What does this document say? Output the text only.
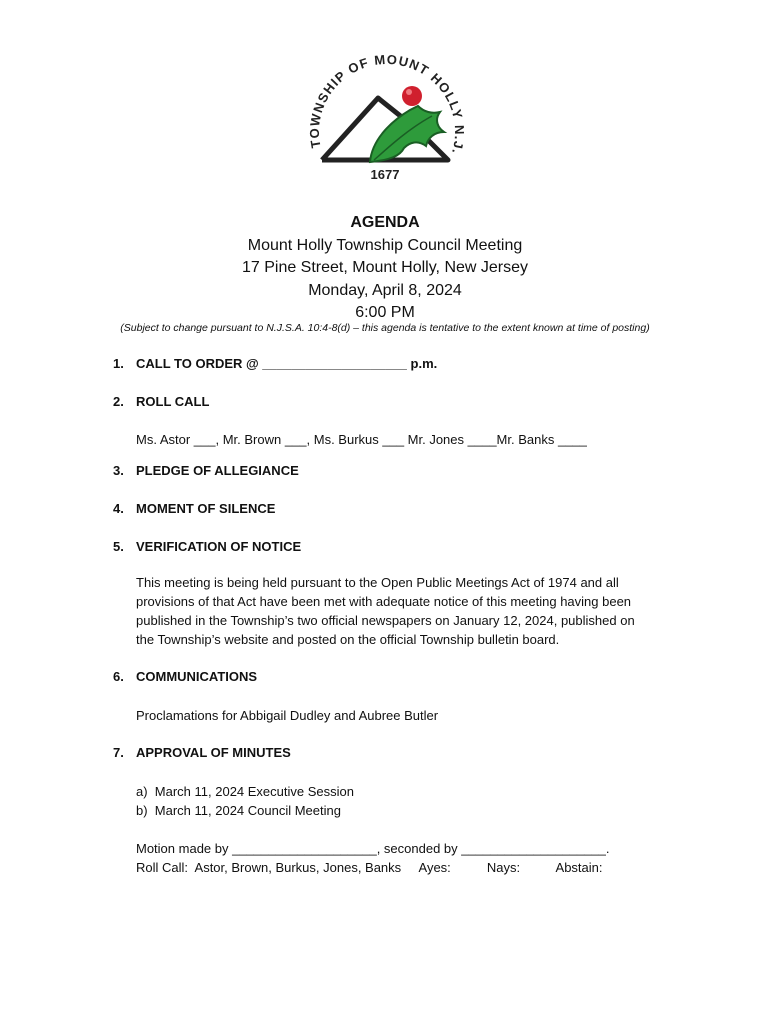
TOWNSHIP OF MOUNT HOLLY N.J.
1677
AGENDA
Mount Holly Township Council Meeting
17 Pine Street, Mount Holly, New Jersey
Monday, April 8, 2024
6:00 PM
(Subject to change pursuant to N.J.S.A. 10:4-8(d) – this agenda is tentative to the extent known at time of posting)
1. CALL TO ORDER @ ____________________ p.m.
2. ROLL CALL
Ms. Astor ___, Mr. Brown ___, Ms. Burkus ___ Mr. Jones ____Mr. Banks ____
3. PLEDGE OF ALLEGIANCE
4. MOMENT OF SILENCE
5. VERIFICATION OF NOTICE

This meeting is being held pursuant to the Open Public Meetings Act of 1974 and all

provisions of that Act have been met with adequate notice of this meeting having been

published in the Township’s two official newspapers on January 12, 2024, published on

the Township’s website and posted on the official Township bulletin board.

6. COMMUNICATIONS
Proclamations for Abbigail Dudley and Aubree Butler
7. APPROVAL OF MINUTES
a)  March 11, 2024 Executive Session
b)  March 11, 2024 Council Meeting
Motion made by ____________________, seconded by ____________________.
Roll Call:  Astor, Brown, Burkus, Jones, Banks     Ayes:          Nays:          Abstain:
